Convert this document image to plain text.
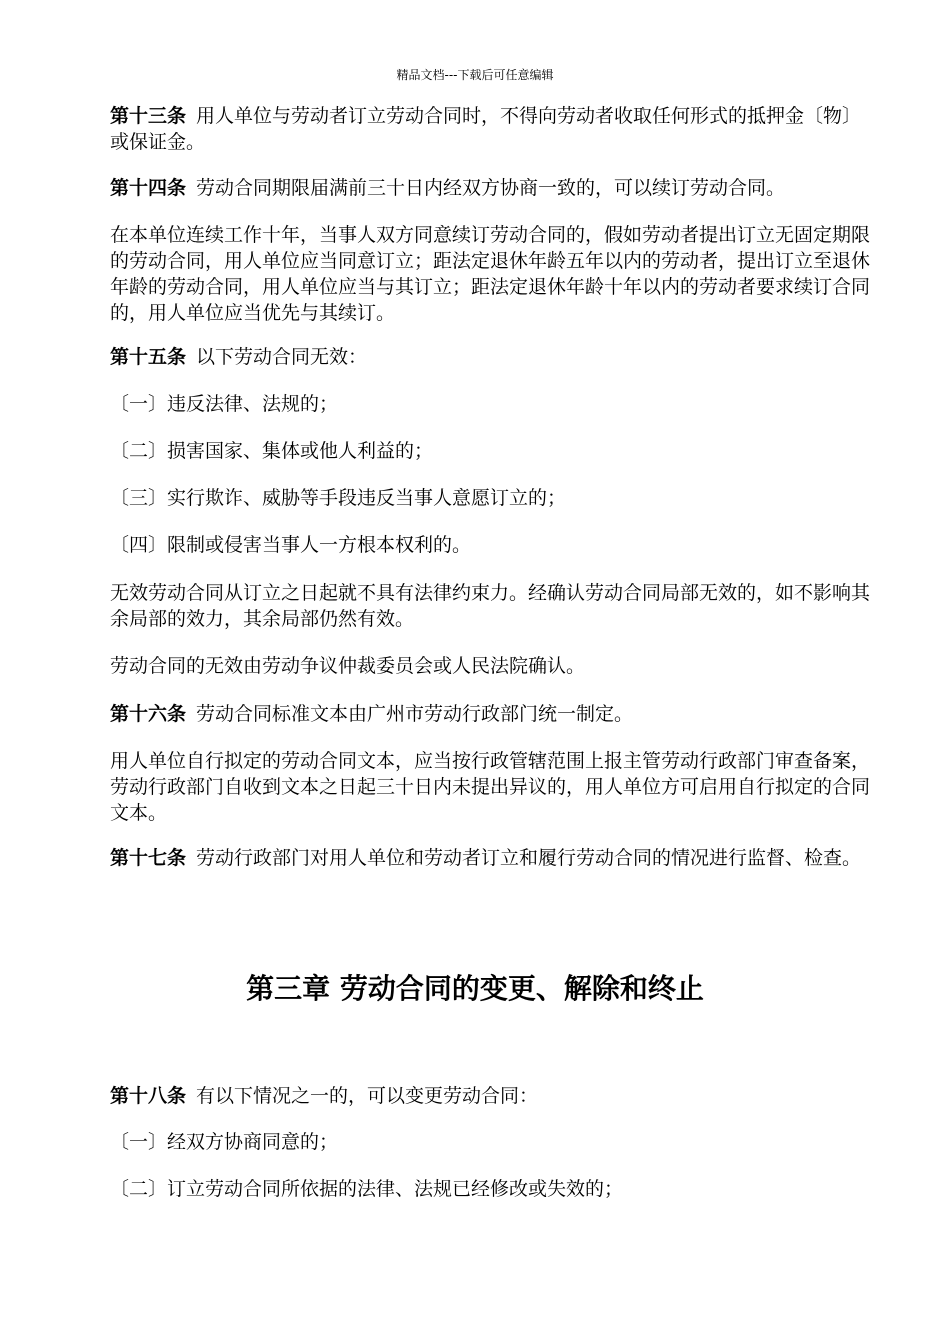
精品文档---下载后可任意编辑

第十三条 用人单位与劳动者订立劳动合同时，不得向劳动者收取任何形式的抵押金〔物〕或保证金。

第十四条 劳动合同期限届满前三十日内经双方协商一致的，可以续订劳动合同。

在本单位连续工作十年，当事人双方同意续订劳动合同的，假如劳动者提出订立无固定期限的劳动合同，用人单位应当同意订立；距法定退休年龄五年以内的劳动者，提出订立至退休年龄的劳动合同，用人单位应当与其订立；距法定退休年龄十年以内的劳动者要求续订合同的，用人单位应当优先与其续订。

第十五条 以下劳动合同无效：

〔一〕违反法律、法规的；

〔二〕损害国家、集体或他人利益的；

〔三〕实行欺诈、威胁等手段违反当事人意愿订立的；

〔四〕限制或侵害当事人一方根本权利的。

无效劳动合同从订立之日起就不具有法律约束力。经确认劳动合同局部无效的，如不影响其余局部的效力，其余局部仍然有效。

劳动合同的无效由劳动争议仲裁委员会或人民法院确认。

第十六条 劳动合同标准文本由广州市劳动行政部门统一制定。

用人单位自行拟定的劳动合同文本，应当按行政管辖范围上报主管劳动行政部门审查备案，劳动行政部门自收到文本之日起三十日内未提出异议的，用人单位方可启用自行拟定的合同文本。

第十七条 劳动行政部门对用人单位和劳动者订立和履行劳动合同的情况进行监督、检查。

第三章 劳动合同的变更、解除和终止

第十八条 有以下情况之一的，可以变更劳动合同：

〔一〕经双方协商同意的；

〔二〕订立劳动合同所依据的法律、法规已经修改或失效的；
